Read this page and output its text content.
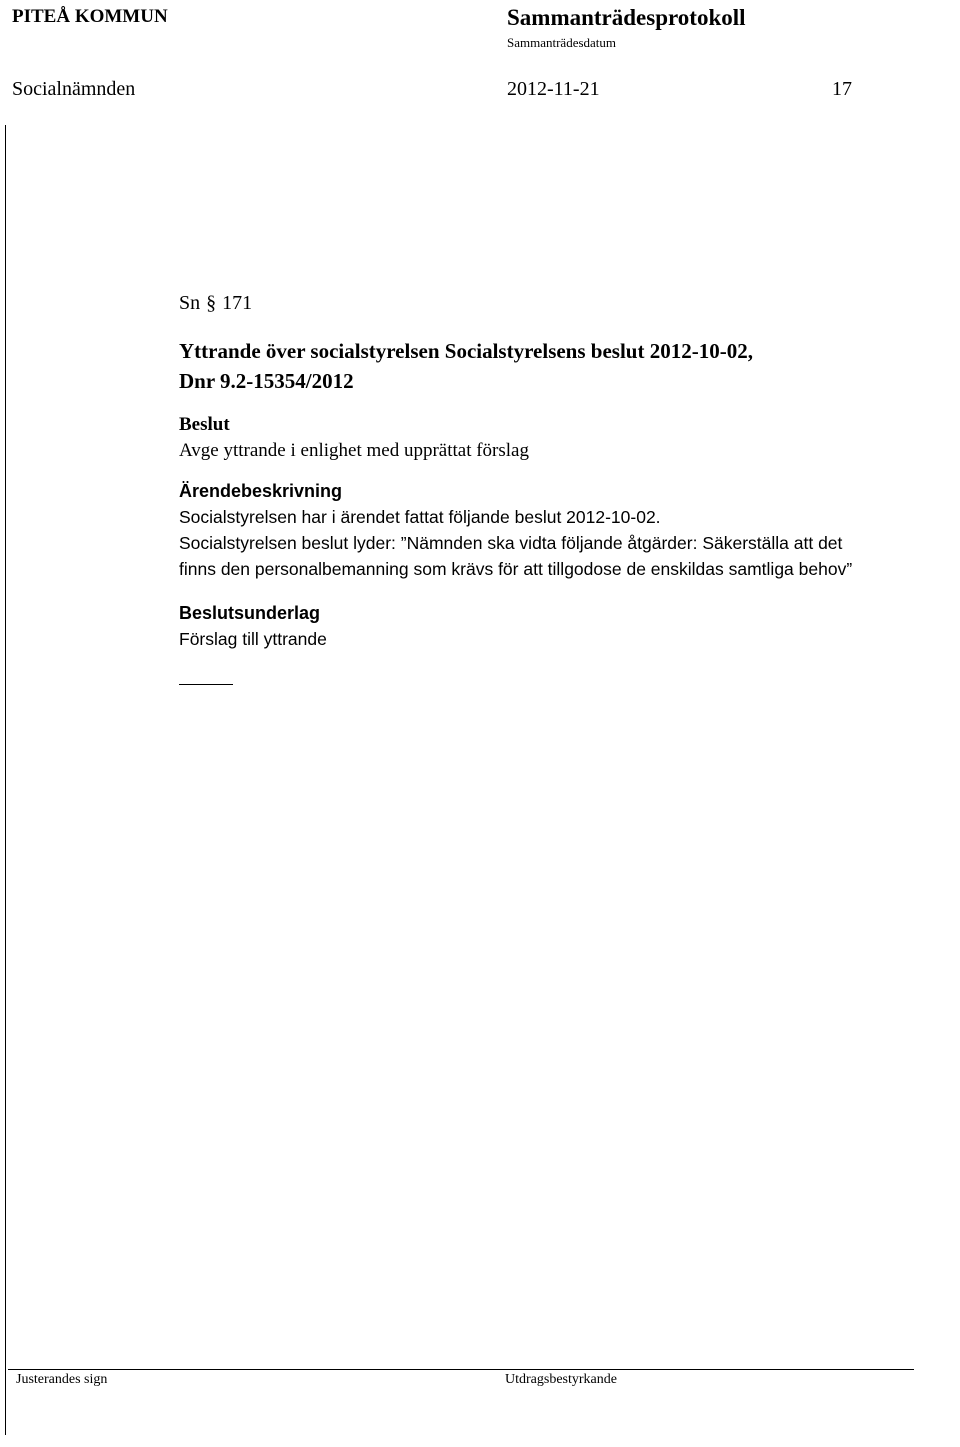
PITEÅ KOMMUN	Sammanträdesprotokoll
Sammanträdesdatum
Socialnämnden	2012-11-21	17
Sn § 171
Yttrande över socialstyrelsen Socialstyrelsens beslut 2012-10-02,
Dnr 9.2-15354/2012
Beslut
Avge yttrande i enlighet med upprättat förslag
Ärendebeskrivning
Socialstyrelsen har i ärendet fattat följande beslut 2012-10-02.
Socialstyrelsen beslut lyder: ”Nämnden ska vidta följande åtgärder: Säkerställa att det
finns den personalbemanning som krävs för att tillgodose de enskildas samtliga behov”
Beslutsunderlag
Förslag till yttrande
Justerandes sign	Utdragsbestyrkande
